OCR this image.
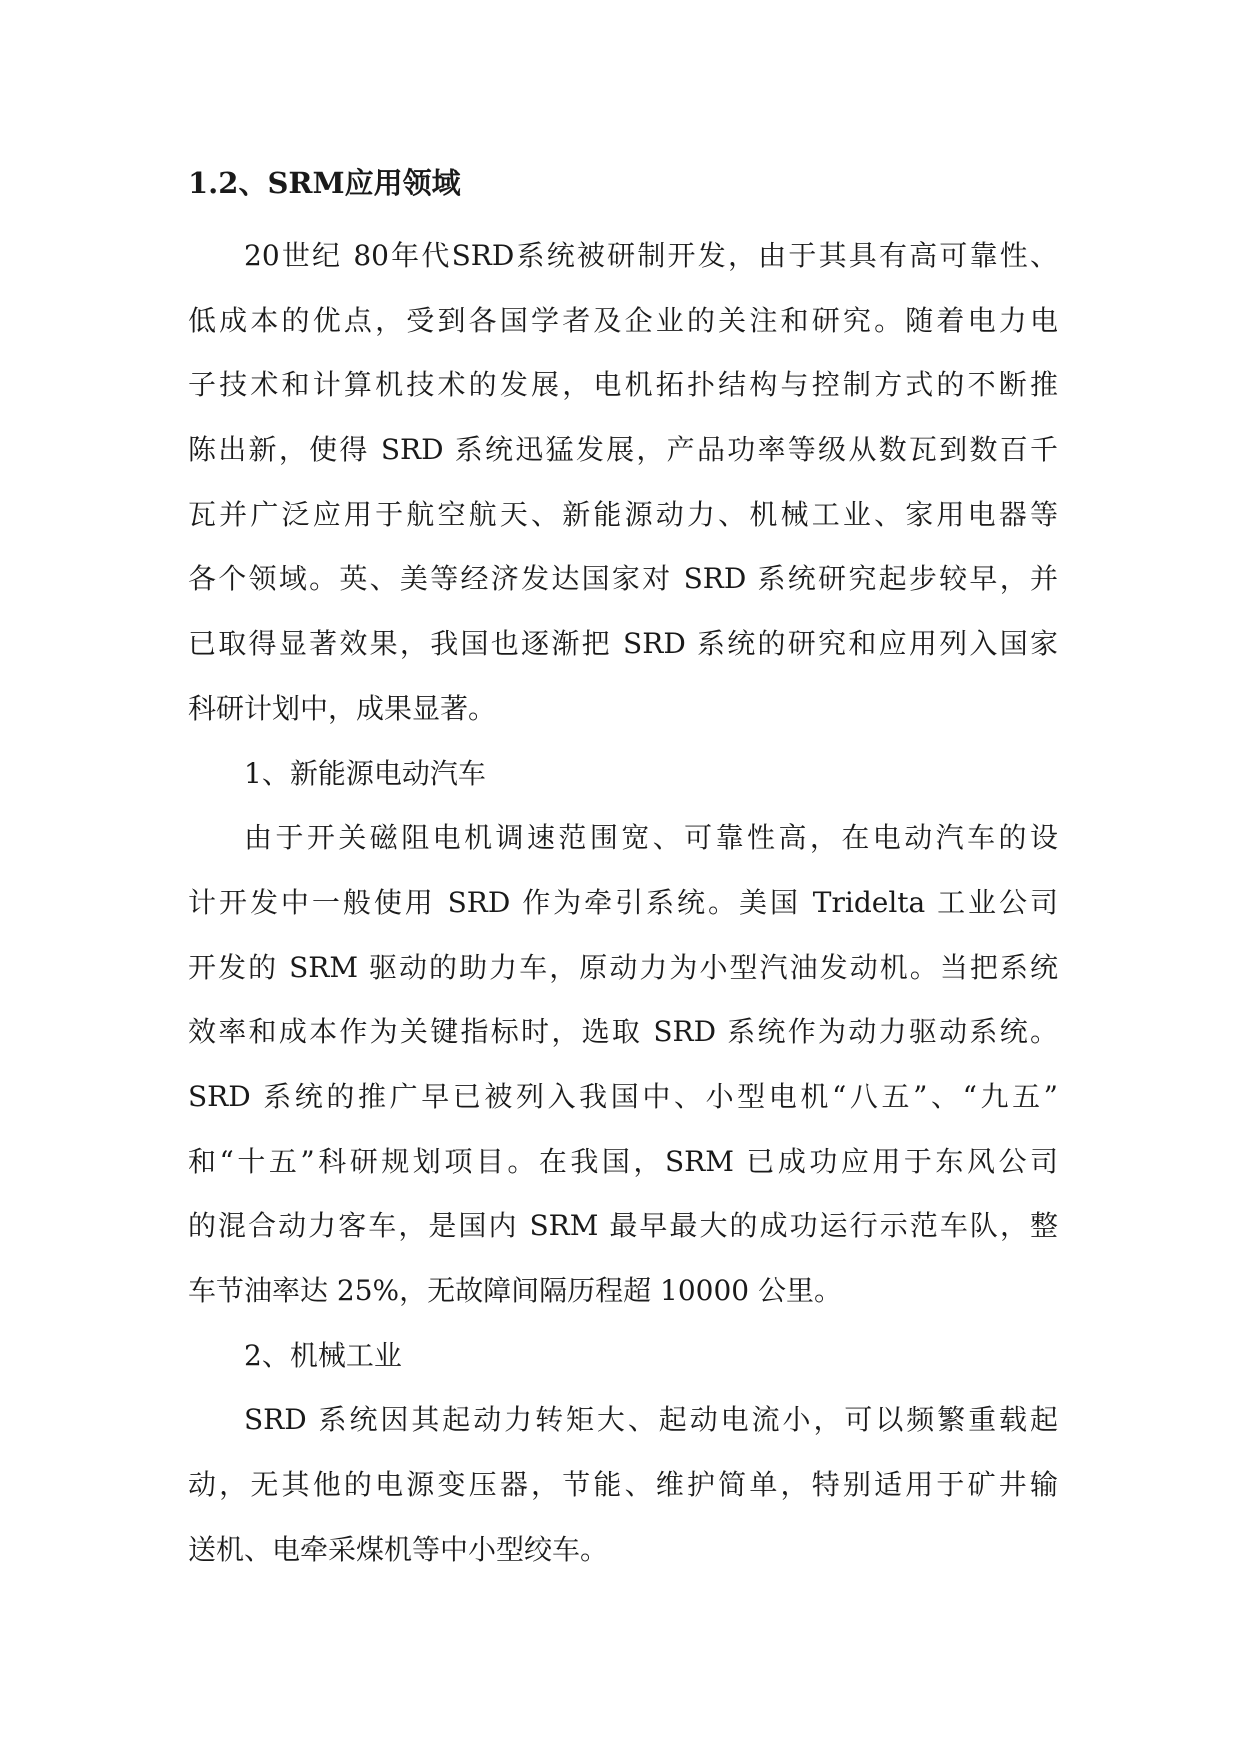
1.2、SRM应用领域
20世纪 80年代SRD系统被研制开发，由于其具有高可靠性、
低成本的优点，受到各国学者及企业的关注和研究。随着电力电
子技术和计算机技术的发展，电机拓扑结构与控制方式的不断推
陈出新，使得 SRD 系统迅猛发展，产品功率等级从数瓦到数百千
瓦并广泛应用于航空航天、新能源动力、机械工业、家用电器等
各个领域。英、美等经济发达国家对 SRD 系统研究起步较早，并
已取得显著效果，我国也逐渐把 SRD 系统的研究和应用列入国家
科研计划中，成果显著。
1、新能源电动汽车
由于开关磁阻电机调速范围宽、可靠性高，在电动汽车的设
计开发中一般使用 SRD 作为牵引系统。美国 Tridelta 工业公司
开发的 SRM 驱动的助力车，原动力为小型汽油发动机。当把系统
效率和成本作为关键指标时，选取 SRD 系统作为动力驱动系统。
SRD 系统的推广早已被列入我国中、小型电机“八五”、“九五”
和“十五”科研规划项目。在我国，SRM 已成功应用于东风公司
的混合动力客车，是国内 SRM 最早最大的成功运行示范车队，整
车节油率达 25%，无故障间隔历程超 10000 公里。
2、机械工业
SRD 系统因其起动力转矩大、起动电流小，可以频繁重载起
动，无其他的电源变压器，节能、维护简单，特别适用于矿井输
送机、电牵采煤机等中小型绞车。
